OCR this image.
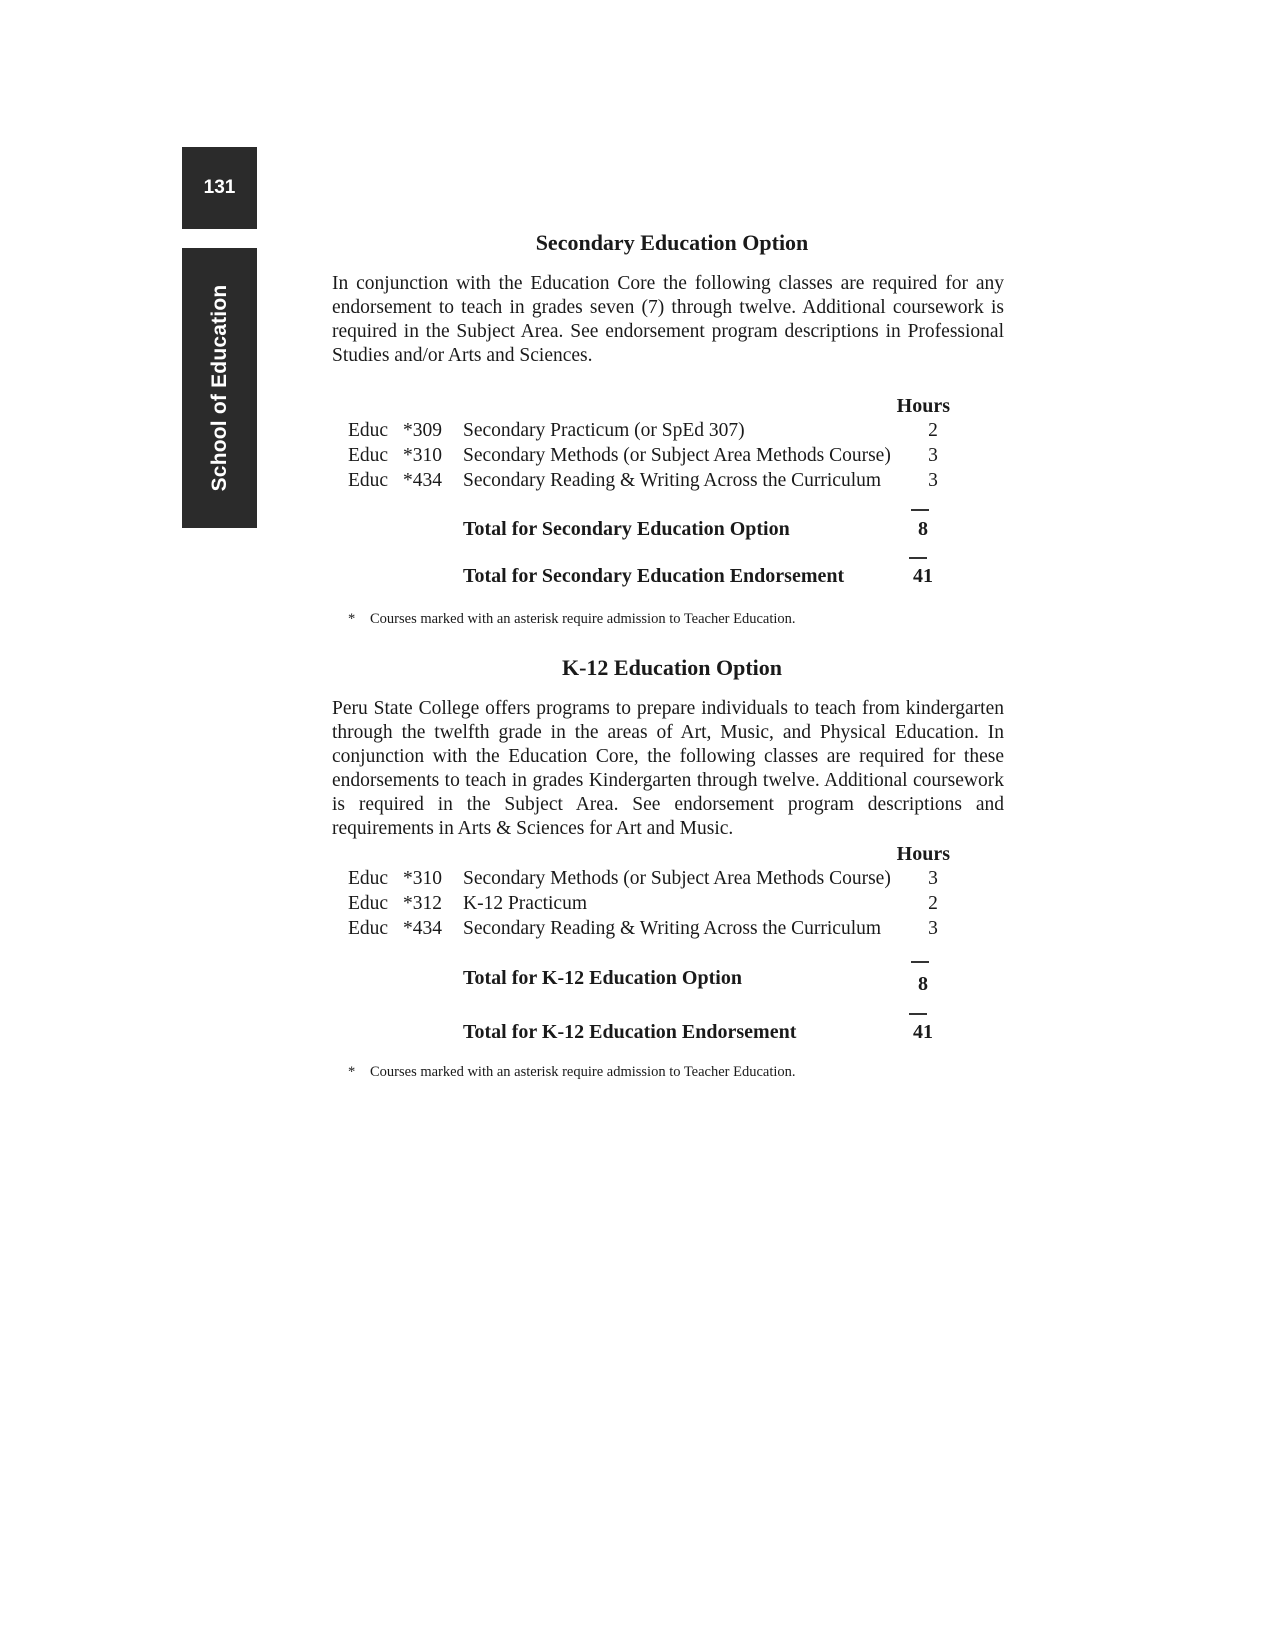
131
School of Education
Secondary Education Option

In conjunction with the Education Core the following classes are required for any endorsement to teach in grades seven (7) through twelve. Additional coursework is required in the Subject Area. See endorsement program descriptions in Professional Studies and/or Arts and Sciences.

Hours
Educ *309 Secondary Practicum (or SpEd 307)	2
Educ *310 Secondary Methods (or Subject Area Methods Course)	3
Educ *434 Secondary Reading & Writing Across the Curriculum	3
Total for Secondary Education Option	8
Total for Secondary Education Endorsement	41
* Courses marked with an asterisk require admission to Teacher Education.
K-12 Education Option

Peru State College offers programs to prepare individuals to teach from kindergarten through the twelfth grade in the areas of Art, Music, and Physical Education. In conjunction with the Education Core, the following classes are required for these endorsements to teach in grades Kindergarten through twelve. Additional coursework is required in the Subject Area. See endorsement program descriptions and requirements in Arts & Sciences for Art and Music.

Hours
Educ *310 Secondary Methods (or Subject Area Methods Course)	3
Educ *312 K-12 Practicum	2
Educ *434 Secondary Reading & Writing Across the Curriculum	3
Total for K-12 Education Option	8
Total for K-12 Education Endorsement	41
* Courses marked with an asterisk require admission to Teacher Education.
